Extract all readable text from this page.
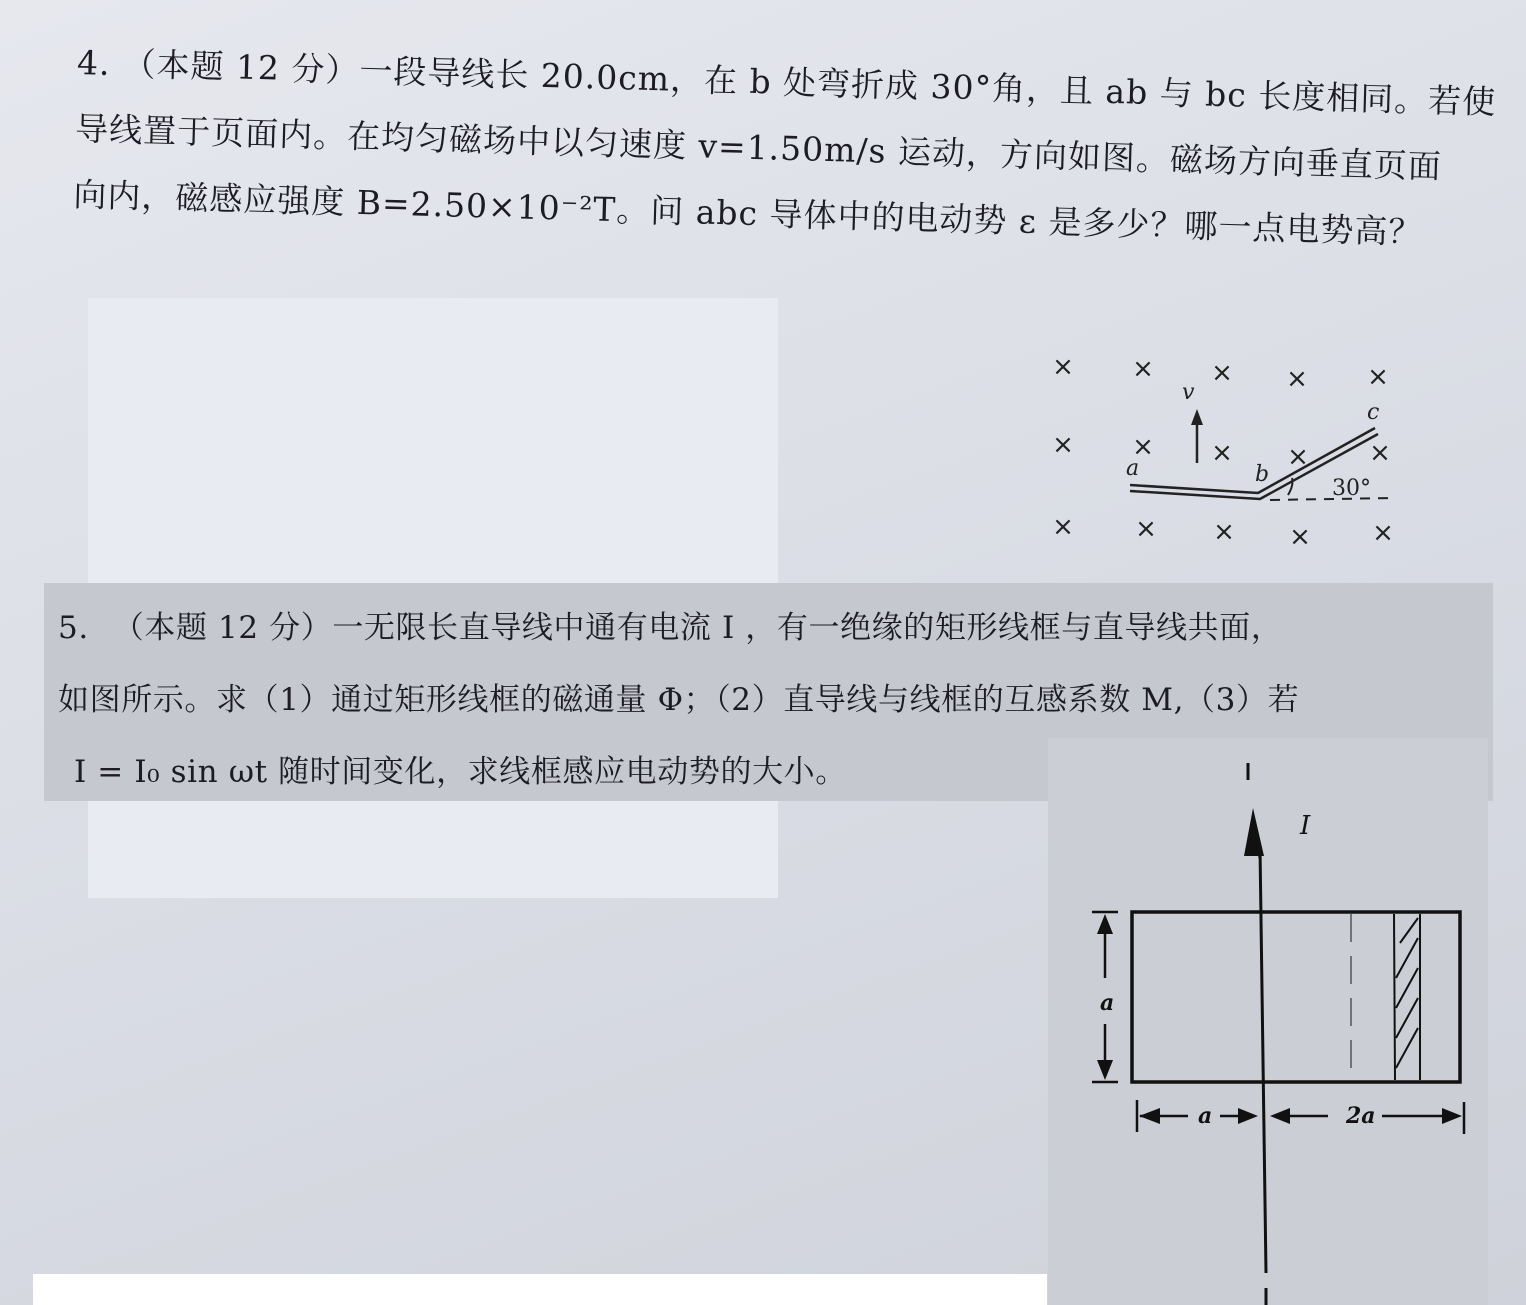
4. （本题 12 分）一段导线长 20.0cm，在 b 处弯折成 30°角，且 ab 与 bc 长度相同。若使
导线置于页面内。在均匀磁场中以匀速度 v=1.50m/s 运动，方向如图。磁场方向垂直页面
向内，磁感应强度 B=2.50×10⁻²T。问 abc 导体中的电动势 ε 是多少？哪一点电势高？
× × × × ×
× × × × ×
× × × × ×
v
a	b
c
30°
5. （本题 12 分）一无限长直导线中通有电流 I ，有一绝缘的矩形线框与直导线共面，
如图所示。求（1）通过矩形线框的磁通量 Φ；（2）直导线与线框的互感系数 M,（3）若
I = I₀ sin ωt 随时间变化，求线框感应电动势的大小。
I
a
a	2a
